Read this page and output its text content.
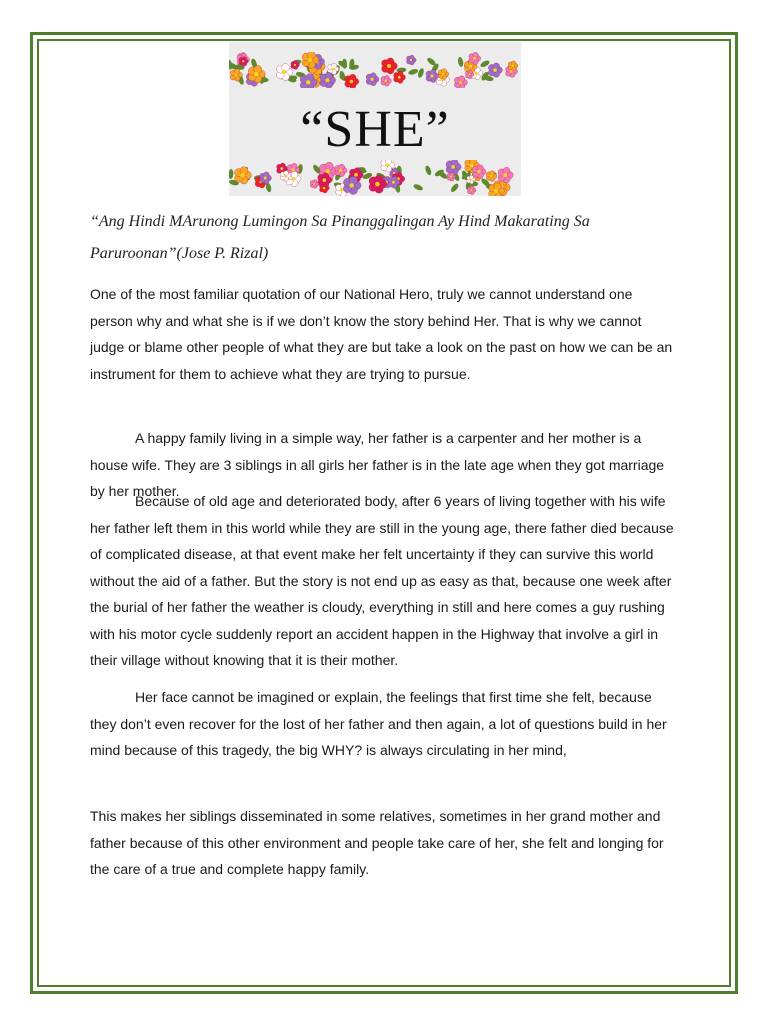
“SHE”

“Ang Hindi MArunong Lumingon Sa Pinanggalingan Ay Hind Makarating Sa Paruroonan”(Jose P. Rizal)

One of the most familiar quotation of our National Hero, truly we cannot understand one person why and what she is if we don’t know the story behind Her. That is why we cannot judge or blame other people of what they are but take a look on the past on how we can be an instrument for them to achieve what they are trying to pursue.

A happy family living in a simple way, her father is a carpenter and her mother is a house wife. They are 3 siblings in all girls her father is in the late age when they got marriage by her mother.

Because of old age and deteriorated body, after 6 years of living together with his wife her father left them in this world while they are still in the young age, there father died because of complicated disease, at that event make her felt uncertainty if they can survive this world without the aid of a father. But the story is not end up as easy as that, because one week after the burial of her father the weather is cloudy, everything in still and here comes a guy rushing with his motor cycle suddenly report an accident happen in the Highway that involve a girl in their village without knowing that it is their mother.

Her face cannot be imagined or explain, the feelings that first time she felt, because they don’t even recover for the lost of her father and then again, a lot of questions build in her mind because of this tragedy, the big WHY? is always circulating in her mind,

This makes her siblings disseminated in some relatives, sometimes in her grand mother and father because of this other environment and people take care of her, she felt and longing for the care of a true and complete happy family.
